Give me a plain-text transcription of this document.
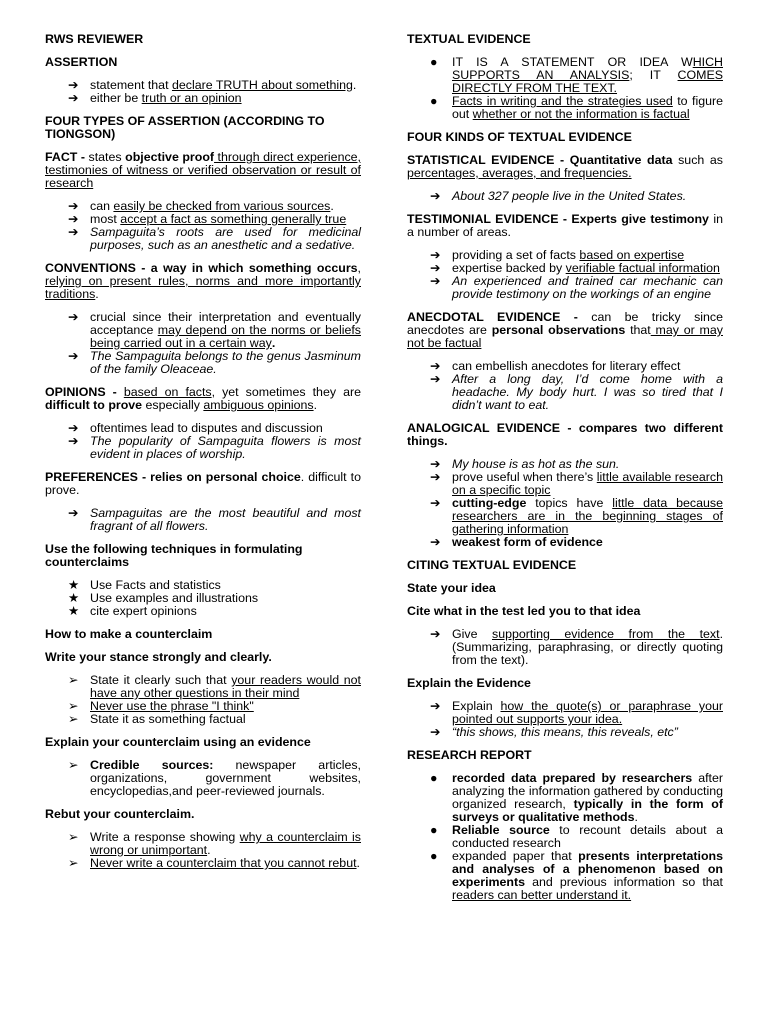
RWS REVIEWER

ASSERTION

➔ statement that declare TRUTH about something.
➔ either be truth or an opinion

FOUR TYPES OF ASSERTION (ACCORDING TO TIONGSON)

FACT - states objective proof through direct experience, testimonies of witness or verified observation or result of research

➔ can easily be checked from various sources.
➔ most accept a fact as something generally true
➔ Sampaguita’s roots are used for medicinal purposes, such as an anesthetic and a sedative.

CONVENTIONS - a way in which something occurs, relying on present rules, norms and more importantly traditions.

➔ crucial since their interpretation and eventually acceptance may depend on the norms or beliefs being carried out in a certain way.
➔ The Sampaguita belongs to the genus Jasminum of the family Oleaceae.

OPINIONS - based on facts, yet sometimes they are difficult to prove especially ambiguous opinions.

➔ oftentimes lead to disputes and discussion
➔ The popularity of Sampaguita flowers is most evident in places of worship.

PREFERENCES - relies on personal choice. difficult to prove.

➔ Sampaguitas are the most beautiful and most fragrant of all flowers.

Use the following techniques in formulating counterclaims

★ Use Facts and statistics
★ Use examples and illustrations
★ cite expert opinions

How to make a counterclaim

Write your stance strongly and clearly.

➢ State it clearly such that your readers would not have any other questions in their mind
➢ Never use the phrase "I think"
➢ State it as something factual

Explain your counterclaim using an evidence

➢ Credible sources: newspaper articles, organizations, government websites, encyclopedias,and peer-reviewed journals.

Rebut your counterclaim.

➢ Write a response showing why a counterclaim is wrong or unimportant.
➢ Never write a counterclaim that you cannot rebut.

TEXTUAL EVIDENCE

●	IT IS A STATEMENT OR IDEA WHICH SUPPORTS AN ANALYSIS; IT COMES DIRECTLY FROM THE TEXT.
●	Facts in writing and the strategies used to figure out whether or not the information is factual

FOUR KINDS OF TEXTUAL EVIDENCE

STATISTICAL EVIDENCE - Quantitative data such as percentages, averages, and frequencies.

➔ About 327 people live in the United States.

TESTIMONIAL EVIDENCE - Experts give testimony in a number of areas.

➔ providing a set of facts based on expertise
➔ expertise backed by verifiable factual information
➔ An experienced and trained car mechanic can provide testimony on the workings of an engine

ANECDOTAL EVIDENCE - can be tricky since anecdotes are personal observations that may or may not be factual

➔ can embellish anecdotes for literary effect
➔ After a long day, I’d come home with a headache. My body hurt. I was so tired that I didn’t want to eat.

ANALOGICAL EVIDENCE - compares two different things.

➔ My house is as hot as the sun.
➔ prove useful when there’s little available research on a specific topic
➔ cutting-edge topics have little data because researchers are in the beginning stages of gathering information
➔ weakest form of evidence

CITING TEXTUAL EVIDENCE

State your idea

Cite what in the test led you to that idea

➔ Give supporting evidence from the text. (Summarizing, paraphrasing, or directly quoting from the text).

Explain the Evidence

➔ Explain how the quote(s) or paraphrase your pointed out supports your idea.
➔ “this shows, this means, this reveals, etc”

RESEARCH REPORT

●	recorded data prepared by researchers after analyzing the information gathered by conducting organized research, typically in the form of surveys or qualitative methods.
●	Reliable source to recount details about a conducted research
●	expanded paper that presents interpretations and analyses of a phenomenon based on experiments and previous information so that readers can better understand it.
